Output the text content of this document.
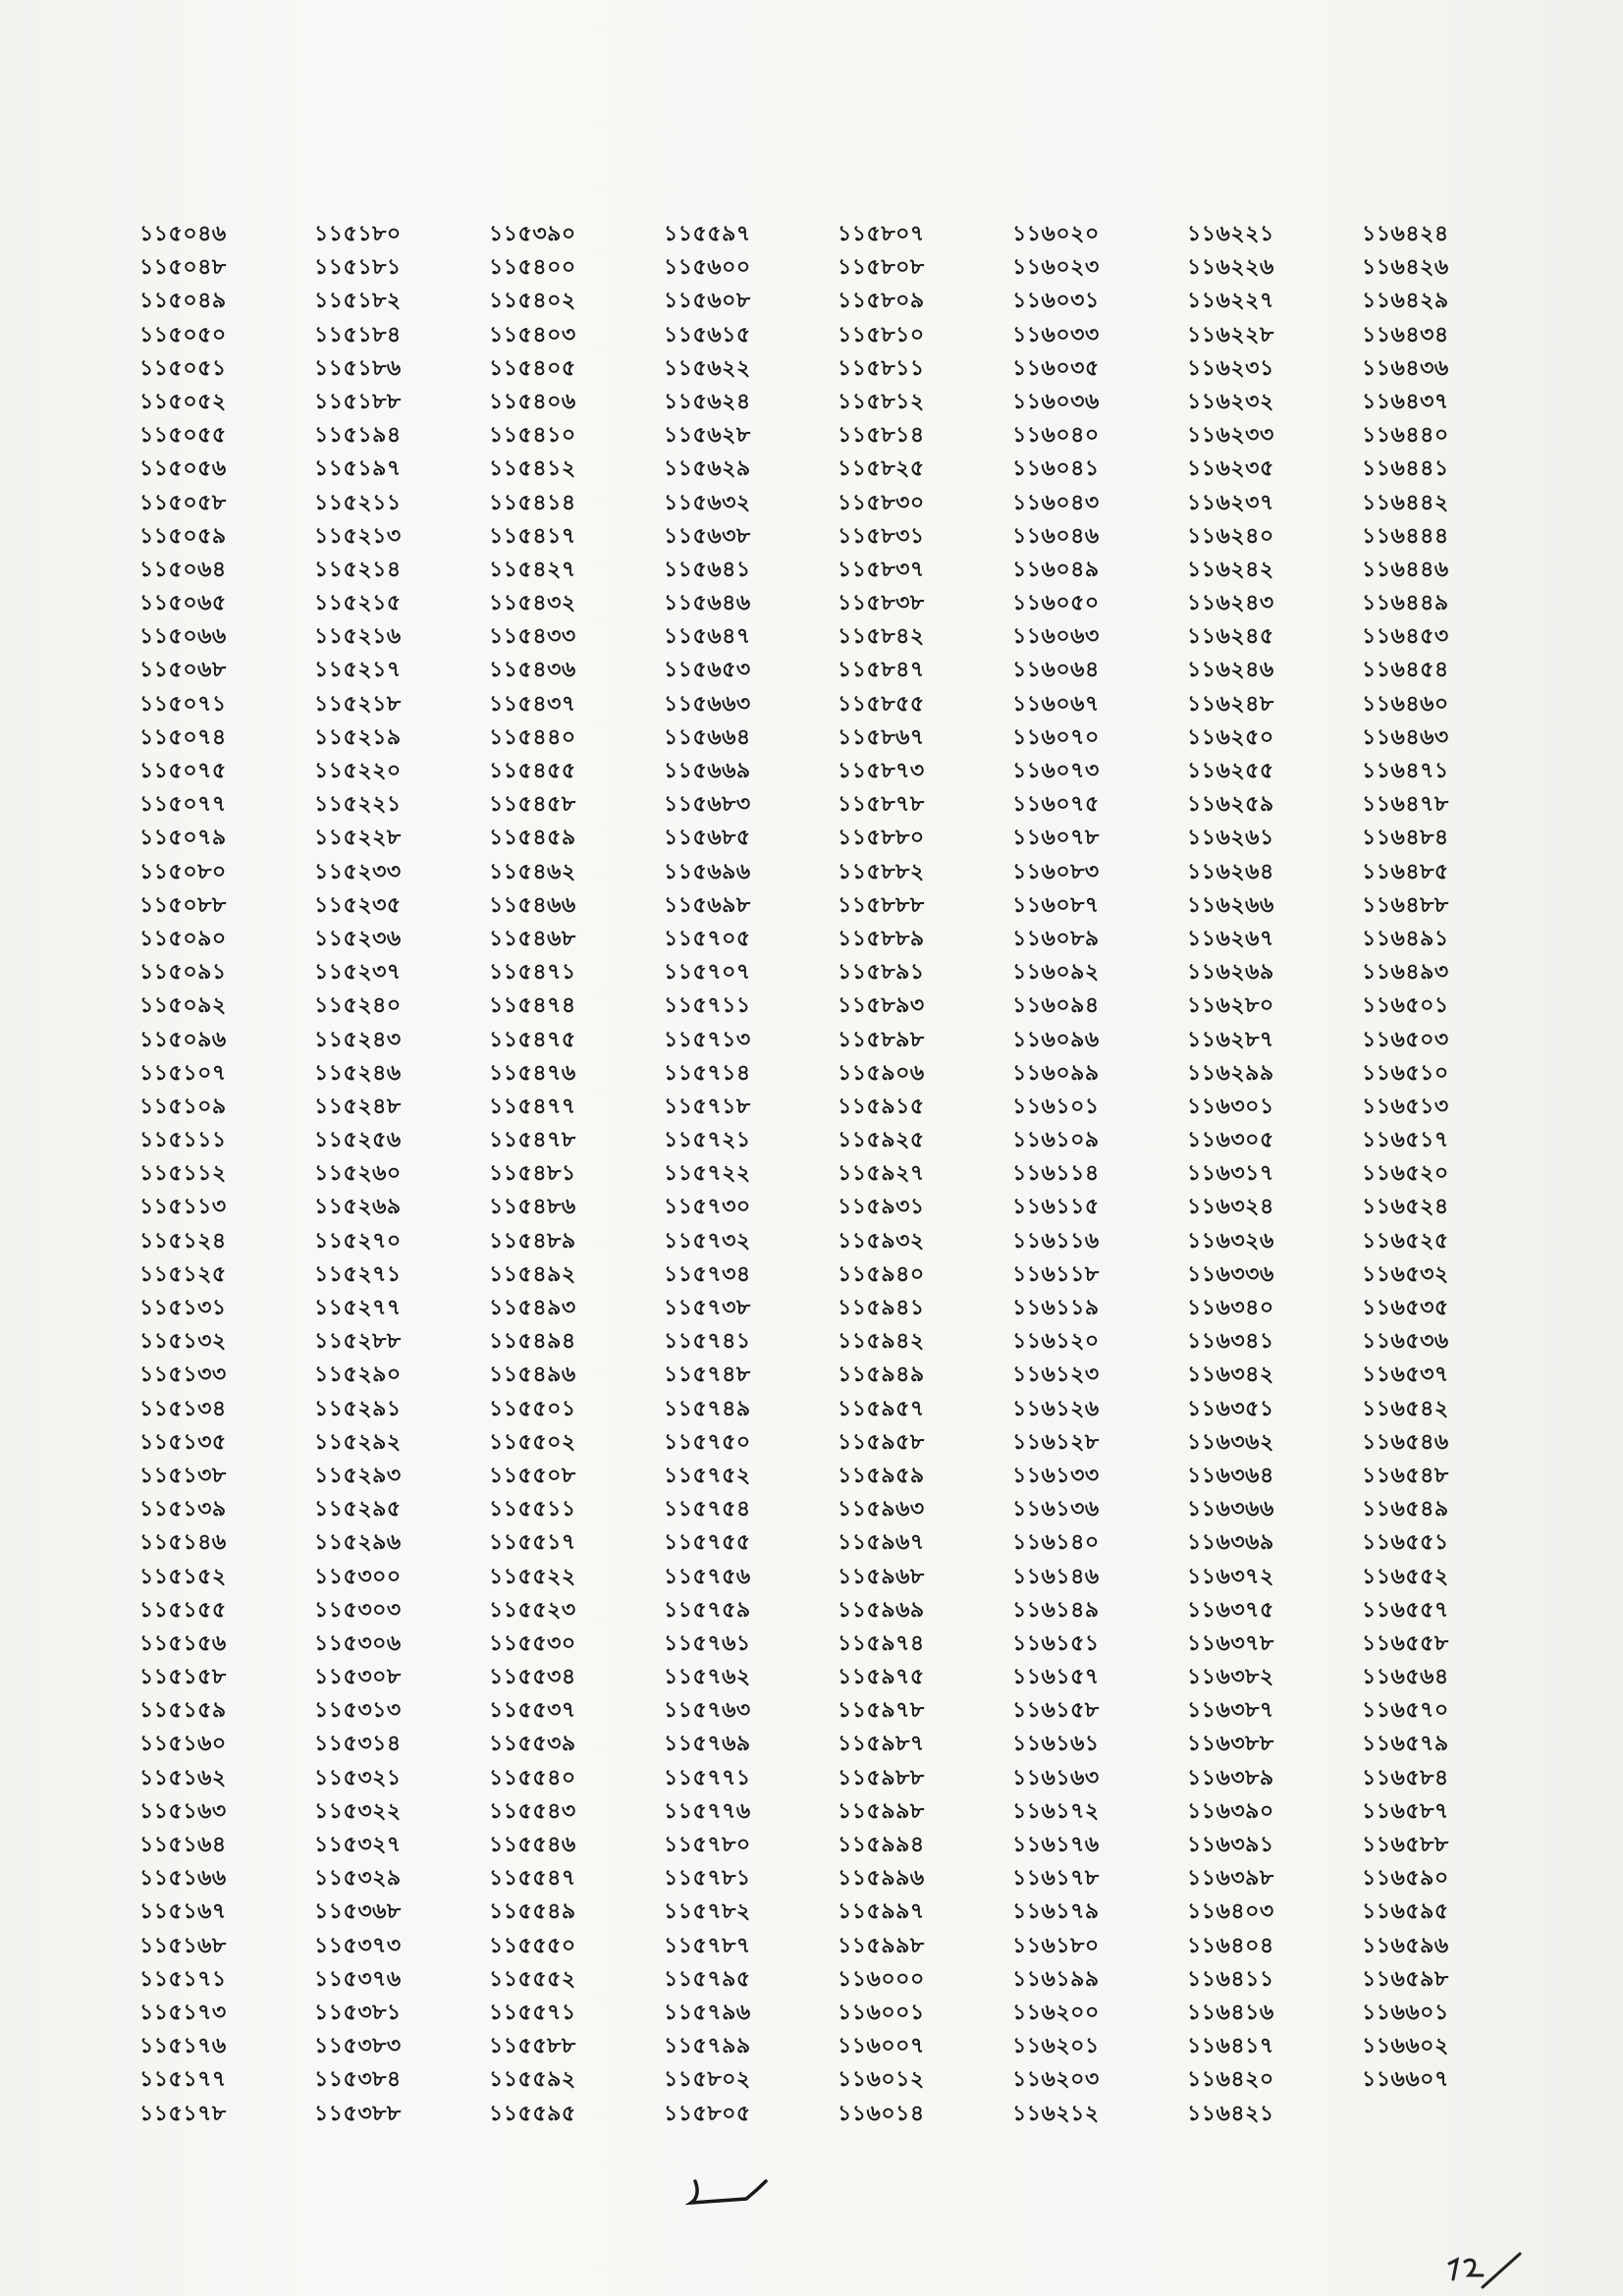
১১৫০৪৬
১১৫০৪৮
১১৫০৪৯
১১৫০৫০
১১৫০৫১
১১৫০৫২
১১৫০৫৫
১১৫০৫৬
১১৫০৫৮
১১৫০৫৯
১১৫০৬৪
১১৫০৬৫
১১৫০৬৬
১১৫০৬৮
১১৫০৭১
১১৫০৭৪
১১৫০৭৫
১১৫০৭৭
১১৫০৭৯
১১৫০৮০
১১৫০৮৮
১১৫০৯০
১১৫০৯১
১১৫০৯২
১১৫০৯৬
১১৫১০৭
১১৫১০৯
১১৫১১১
১১৫১১২
১১৫১১৩
১১৫১২৪
১১৫১২৫
১১৫১৩১
১১৫১৩২
১১৫১৩৩
১১৫১৩৪
১১৫১৩৫
১১৫১৩৮
১১৫১৩৯
১১৫১৪৬
১১৫১৫২
১১৫১৫৫
১১৫১৫৬
১১৫১৫৮
১১৫১৫৯
১১৫১৬০
১১৫১৬২
১১৫১৬৩
১১৫১৬৪
১১৫১৬৬
১১৫১৬৭
১১৫১৬৮
১১৫১৭১
১১৫১৭৩
১১৫১৭৬
১১৫১৭৭
১১৫১৭৮
১১৫১৮০
১১৫১৮১
১১৫১৮২
১১৫১৮৪
১১৫১৮৬
১১৫১৮৮
১১৫১৯৪
১১৫১৯৭
১১৫২১১
১১৫২১৩
১১৫২১৪
১১৫২১৫
১১৫২১৬
১১৫২১৭
১১৫২১৮
১১৫২১৯
১১৫২২০
১১৫২২১
১১৫২২৮
১১৫২৩৩
১১৫২৩৫
১১৫২৩৬
১১৫২৩৭
১১৫২৪০
১১৫২৪৩
১১৫২৪৬
১১৫২৪৮
১১৫২৫৬
১১৫২৬০
১১৫২৬৯
১১৫২৭০
১১৫২৭১
১১৫২৭৭
১১৫২৮৮
১১৫২৯০
১১৫২৯১
১১৫২৯২
১১৫২৯৩
১১৫২৯৫
১১৫২৯৬
১১৫৩০০
১১৫৩০৩
১১৫৩০৬
১১৫৩০৮
১১৫৩১৩
১১৫৩১৪
১১৫৩২১
১১৫৩২২
১১৫৩২৭
১১৫৩২৯
১১৫৩৬৮
১১৫৩৭৩
১১৫৩৭৬
১১৫৩৮১
১১৫৩৮৩
১১৫৩৮৪
১১৫৩৮৮
১১৫৩৯০
১১৫৪০০
১১৫৪০২
১১৫৪০৩
১১৫৪০৫
১১৫৪০৬
১১৫৪১০
১১৫৪১২
১১৫৪১৪
১১৫৪১৭
১১৫৪২৭
১১৫৪৩২
১১৫৪৩৩
১১৫৪৩৬
১১৫৪৩৭
১১৫৪৪০
১১৫৪৫৫
১১৫৪৫৮
১১৫৪৫৯
১১৫৪৬২
১১৫৪৬৬
১১৫৪৬৮
১১৫৪৭১
১১৫৪৭৪
১১৫৪৭৫
১১৫৪৭৬
১১৫৪৭৭
১১৫৪৭৮
১১৫৪৮১
১১৫৪৮৬
১১৫৪৮৯
১১৫৪৯২
১১৫৪৯৩
১১৫৪৯৪
১১৫৪৯৬
১১৫৫০১
১১৫৫০২
১১৫৫০৮
১১৫৫১১
১১৫৫১৭
১১৫৫২২
১১৫৫২৩
১১৫৫৩০
১১৫৫৩৪
১১৫৫৩৭
১১৫৫৩৯
১১৫৫৪০
১১৫৫৪৩
১১৫৫৪৬
১১৫৫৪৭
১১৫৫৪৯
১১৫৫৫০
১১৫৫৫২
১১৫৫৭১
১১৫৫৮৮
১১৫৫৯২
১১৫৫৯৫
১১৫৫৯৭
১১৫৬০০
১১৫৬০৮
১১৫৬১৫
১১৫৬২২
১১৫৬২৪
১১৫৬২৮
১১৫৬২৯
১১৫৬৩২
১১৫৬৩৮
১১৫৬৪১
১১৫৬৪৬
১১৫৬৪৭
১১৫৬৫৩
১১৫৬৬৩
১১৫৬৬৪
১১৫৬৬৯
১১৫৬৮৩
১১৫৬৮৫
১১৫৬৯৬
১১৫৬৯৮
১১৫৭০৫
১১৫৭০৭
১১৫৭১১
১১৫৭১৩
১১৫৭১৪
১১৫৭১৮
১১৫৭২১
১১৫৭২২
১১৫৭৩০
১১৫৭৩২
১১৫৭৩৪
১১৫৭৩৮
১১৫৭৪১
১১৫৭৪৮
১১৫৭৪৯
১১৫৭৫০
১১৫৭৫২
১১৫৭৫৪
১১৫৭৫৫
১১৫৭৫৬
১১৫৭৫৯
১১৫৭৬১
১১৫৭৬২
১১৫৭৬৩
১১৫৭৬৯
১১৫৭৭১
১১৫৭৭৬
১১৫৭৮০
১১৫৭৮১
১১৫৭৮২
১১৫৭৮৭
১১৫৭৯৫
১১৫৭৯৬
১১৫৭৯৯
১১৫৮০২
১১৫৮০৫
১১৫৮০৭
১১৫৮০৮
১১৫৮০৯
১১৫৮১০
১১৫৮১১
১১৫৮১২
১১৫৮১৪
১১৫৮২৫
১১৫৮৩০
১১৫৮৩১
১১৫৮৩৭
১১৫৮৩৮
১১৫৮৪২
১১৫৮৪৭
১১৫৮৫৫
১১৫৮৬৭
১১৫৮৭৩
১১৫৮৭৮
১১৫৮৮০
১১৫৮৮২
১১৫৮৮৮
১১৫৮৮৯
১১৫৮৯১
১১৫৮৯৩
১১৫৮৯৮
১১৫৯০৬
১১৫৯১৫
১১৫৯২৫
১১৫৯২৭
১১৫৯৩১
১১৫৯৩২
১১৫৯৪০
১১৫৯৪১
১১৫৯৪২
১১৫৯৪৯
১১৫৯৫৭
১১৫৯৫৮
১১৫৯৫৯
১১৫৯৬৩
১১৫৯৬৭
১১৫৯৬৮
১১৫৯৬৯
১১৫৯৭৪
১১৫৯৭৫
১১৫৯৭৮
১১৫৯৮৭
১১৫৯৮৮
১১৫৯৯৮
১১৫৯৯৪
১১৫৯৯৬
১১৫৯৯৭
১১৫৯৯৮
১১৬০০০
১১৬০০১
১১৬০০৭
১১৬০১২
১১৬০১৪
১১৬০২০
১১৬০২৩
১১৬০৩১
১১৬০৩৩
১১৬০৩৫
১১৬০৩৬
১১৬০৪০
১১৬০৪১
১১৬০৪৩
১১৬০৪৬
১১৬০৪৯
১১৬০৫০
১১৬০৬৩
১১৬০৬৪
১১৬০৬৭
১১৬০৭০
১১৬০৭৩
১১৬০৭৫
১১৬০৭৮
১১৬০৮৩
১১৬০৮৭
১১৬০৮৯
১১৬০৯২
১১৬০৯৪
১১৬০৯৬
১১৬০৯৯
১১৬১০১
১১৬১০৯
১১৬১১৪
১১৬১১৫
১১৬১১৬
১১৬১১৮
১১৬১১৯
১১৬১২০
১১৬১২৩
১১৬১২৬
১১৬১২৮
১১৬১৩৩
১১৬১৩৬
১১৬১৪০
১১৬১৪৬
১১৬১৪৯
১১৬১৫১
১১৬১৫৭
১১৬১৫৮
১১৬১৬১
১১৬১৬৩
১১৬১৭২
১১৬১৭৬
১১৬১৭৮
১১৬১৭৯
১১৬১৮০
১১৬১৯৯
১১৬২০০
১১৬২০১
১১৬২০৩
১১৬২১২
১১৬২২১
১১৬২২৬
১১৬২২৭
১১৬২২৮
১১৬২৩১
১১৬২৩২
১১৬২৩৩
১১৬২৩৫
১১৬২৩৭
১১৬২৪০
১১৬২৪২
১১৬২৪৩
১১৬২৪৫
১১৬২৪৬
১১৬২৪৮
১১৬২৫০
১১৬২৫৫
১১৬২৫৯
১১৬২৬১
১১৬২৬৪
১১৬২৬৬
১১৬২৬৭
১১৬২৬৯
১১৬২৮০
১১৬২৮৭
১১৬২৯৯
১১৬৩০১
১১৬৩০৫
১১৬৩১৭
১১৬৩২৪
১১৬৩২৬
১১৬৩৩৬
১১৬৩৪০
১১৬৩৪১
১১৬৩৪২
১১৬৩৫১
১১৬৩৬২
১১৬৩৬৪
১১৬৩৬৬
১১৬৩৬৯
১১৬৩৭২
১১৬৩৭৫
১১৬৩৭৮
১১৬৩৮২
১১৬৩৮৭
১১৬৩৮৮
১১৬৩৮৯
১১৬৩৯০
১১৬৩৯১
১১৬৩৯৮
১১৬৪০৩
১১৬৪০৪
১১৬৪১১
১১৬৪১৬
১১৬৪১৭
১১৬৪২০
১১৬৪২১
১১৬৪২৪
১১৬৪২৬
১১৬৪২৯
১১৬৪৩৪
১১৬৪৩৬
১১৬৪৩৭
১১৬৪৪০
১১৬৪৪১
১১৬৪৪২
১১৬৪৪৪
১১৬৪৪৬
১১৬৪৪৯
১১৬৪৫৩
১১৬৪৫৪
১১৬৪৬০
১১৬৪৬৩
১১৬৪৭১
১১৬৪৭৮
১১৬৪৮৪
১১৬৪৮৫
১১৬৪৮৮
১১৬৪৯১
১১৬৪৯৩
১১৬৫০১
১১৬৫০৩
১১৬৫১০
১১৬৫১৩
১১৬৫১৭
১১৬৫২০
১১৬৫২৪
১১৬৫২৫
১১৬৫৩২
১১৬৫৩৫
১১৬৫৩৬
১১৬৫৩৭
১১৬৫৪২
১১৬৫৪৬
১১৬৫৪৮
১১৬৫৪৯
১১৬৫৫১
১১৬৫৫২
১১৬৫৫৭
১১৬৫৫৮
১১৬৫৬৪
১১৬৫৭০
১১৬৫৭৯
১১৬৫৮৪
১১৬৫৮৭
১১৬৫৮৮
১১৬৫৯০
১১৬৫৯৫
১১৬৫৯৬
১১৬৫৯৮
১১৬৬০১
১১৬৬০২
১১৬৬০৭
